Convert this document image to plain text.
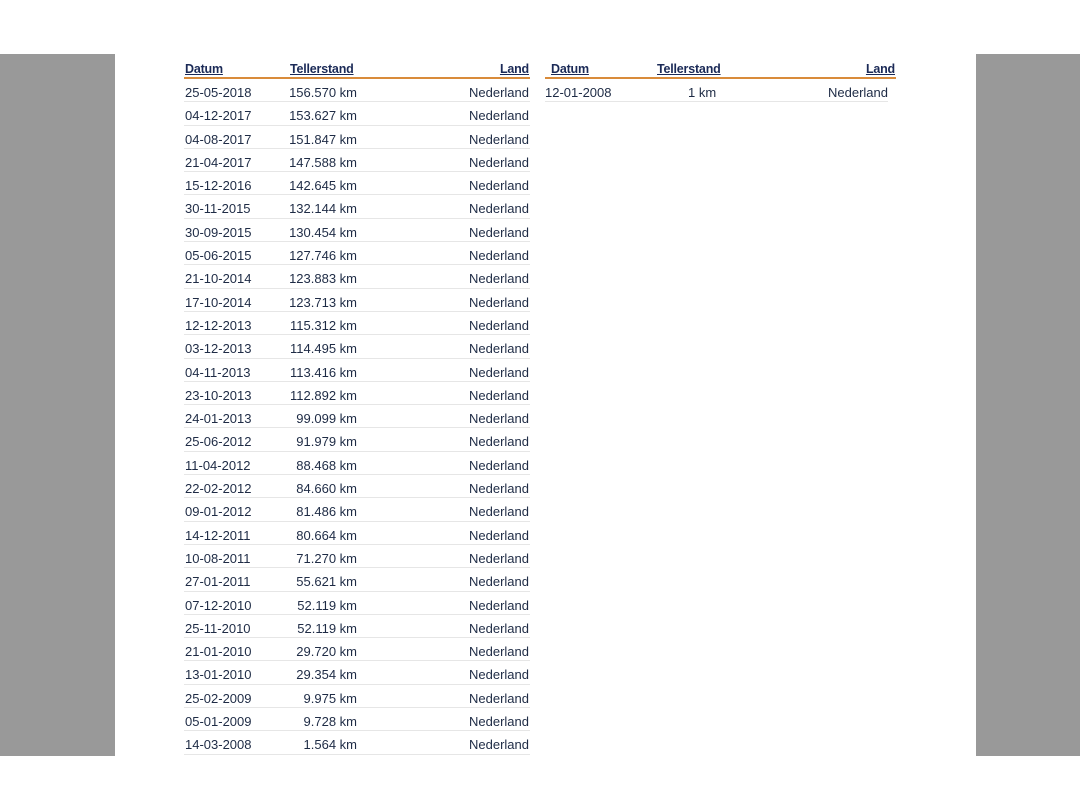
Datum	Tellerstand	Land
25-05-2018	156.570 km	Nederland
04-12-2017	153.627 km	Nederland
04-08-2017	151.847 km	Nederland
21-04-2017	147.588 km	Nederland
15-12-2016	142.645 km	Nederland
30-11-2015	132.144 km	Nederland
30-09-2015	130.454 km	Nederland
05-06-2015	127.746 km	Nederland
21-10-2014	123.883 km	Nederland
17-10-2014	123.713 km	Nederland
12-12-2013	115.312 km	Nederland
03-12-2013	114.495 km	Nederland
04-11-2013	113.416 km	Nederland
23-10-2013	112.892 km	Nederland
24-01-2013	99.099 km	Nederland
25-06-2012	91.979 km	Nederland
11-04-2012	88.468 km	Nederland
22-02-2012	84.660 km	Nederland
09-01-2012	81.486 km	Nederland
14-12-2011	80.664 km	Nederland
10-08-2011	71.270 km	Nederland
27-01-2011	55.621 km	Nederland
07-12-2010	52.119 km	Nederland
25-11-2010	52.119 km	Nederland
21-01-2010	29.720 km	Nederland
13-01-2010	29.354 km	Nederland
25-02-2009	9.975 km	Nederland
05-01-2009	9.728 km	Nederland
14-03-2008	1.564 km	Nederland
Datum	Tellerstand	Land
12-01-2008	1 km	Nederland
